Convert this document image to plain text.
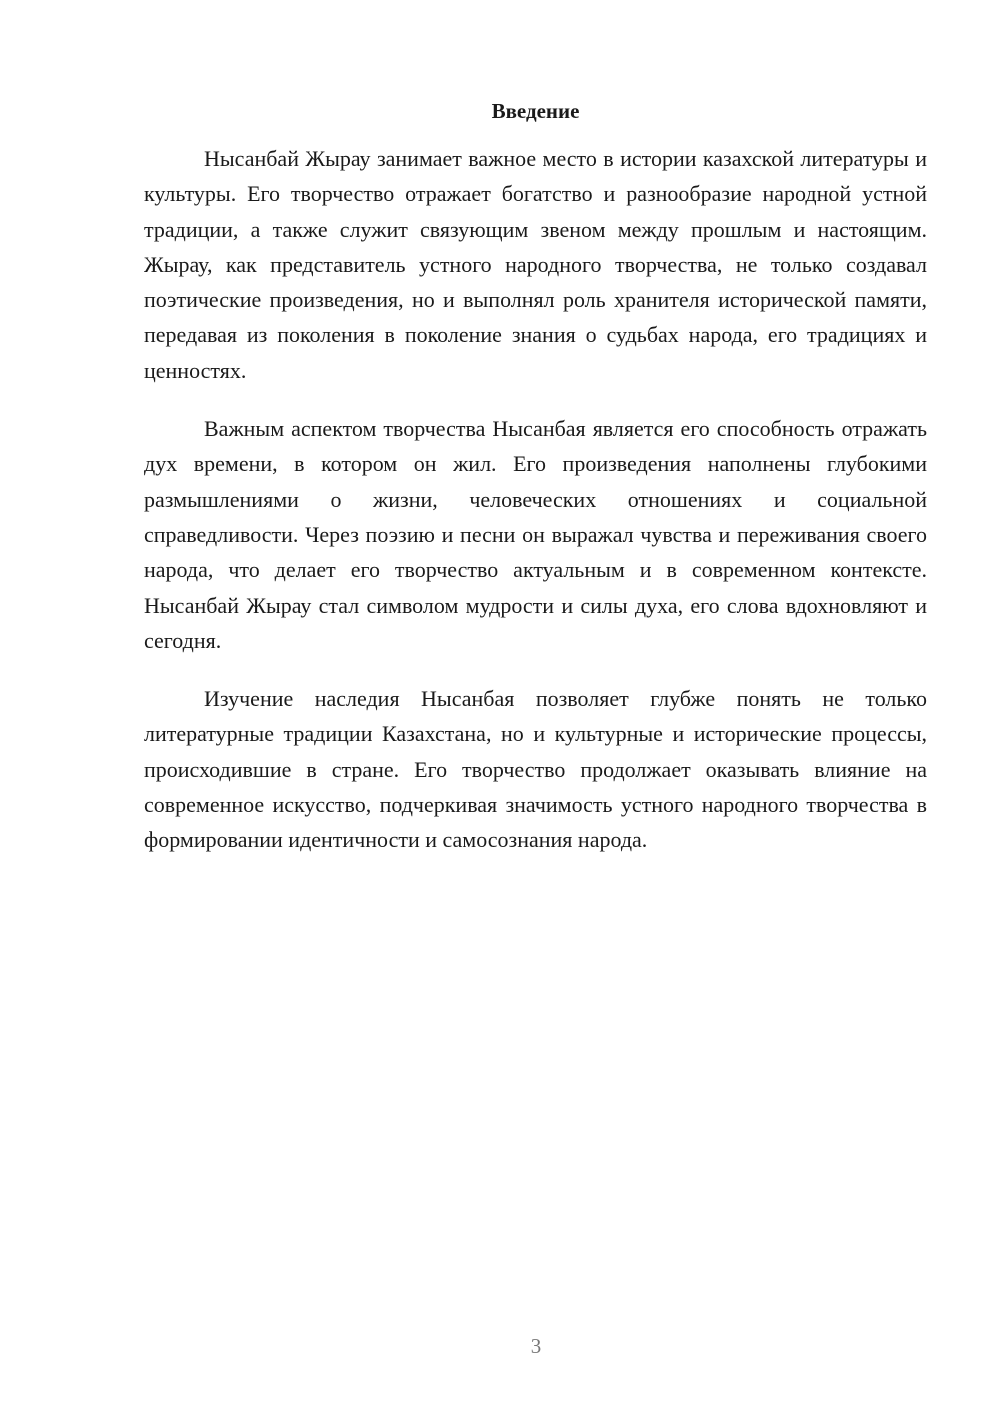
Введение

Нысанбай Жырау занимает важное место в истории казахской литературы и культуры. Его творчество отражает богатство и разнообразие народной устной традиции, а также служит связующим звеном между прошлым и настоящим. Жырау, как представитель устного народного творчества, не только создавал поэтические произведения, но и выполнял роль хранителя исторической памяти, передавая из поколения в поколение знания о судьбах народа, его традициях и ценностях.

Важным аспектом творчества Нысанбая является его способность отражать дух времени, в котором он жил. Его произведения наполнены глубокими размышлениями о жизни, человеческих отношениях и социальной справедливости. Через поэзию и песни он выражал чувства и переживания своего народа, что делает его творчество актуальным и в современном контексте. Нысанбай Жырау стал символом мудрости и силы духа, его слова вдохновляют и сегодня.

Изучение наследия Нысанбая позволяет глубже понять не только литературные традиции Казахстана, но и культурные и исторические процессы, происходившие в стране. Его творчество продолжает оказывать влияние на современное искусство, подчеркивая значимость устного народного творчества в формировании идентичности и самосознания народа.

3
